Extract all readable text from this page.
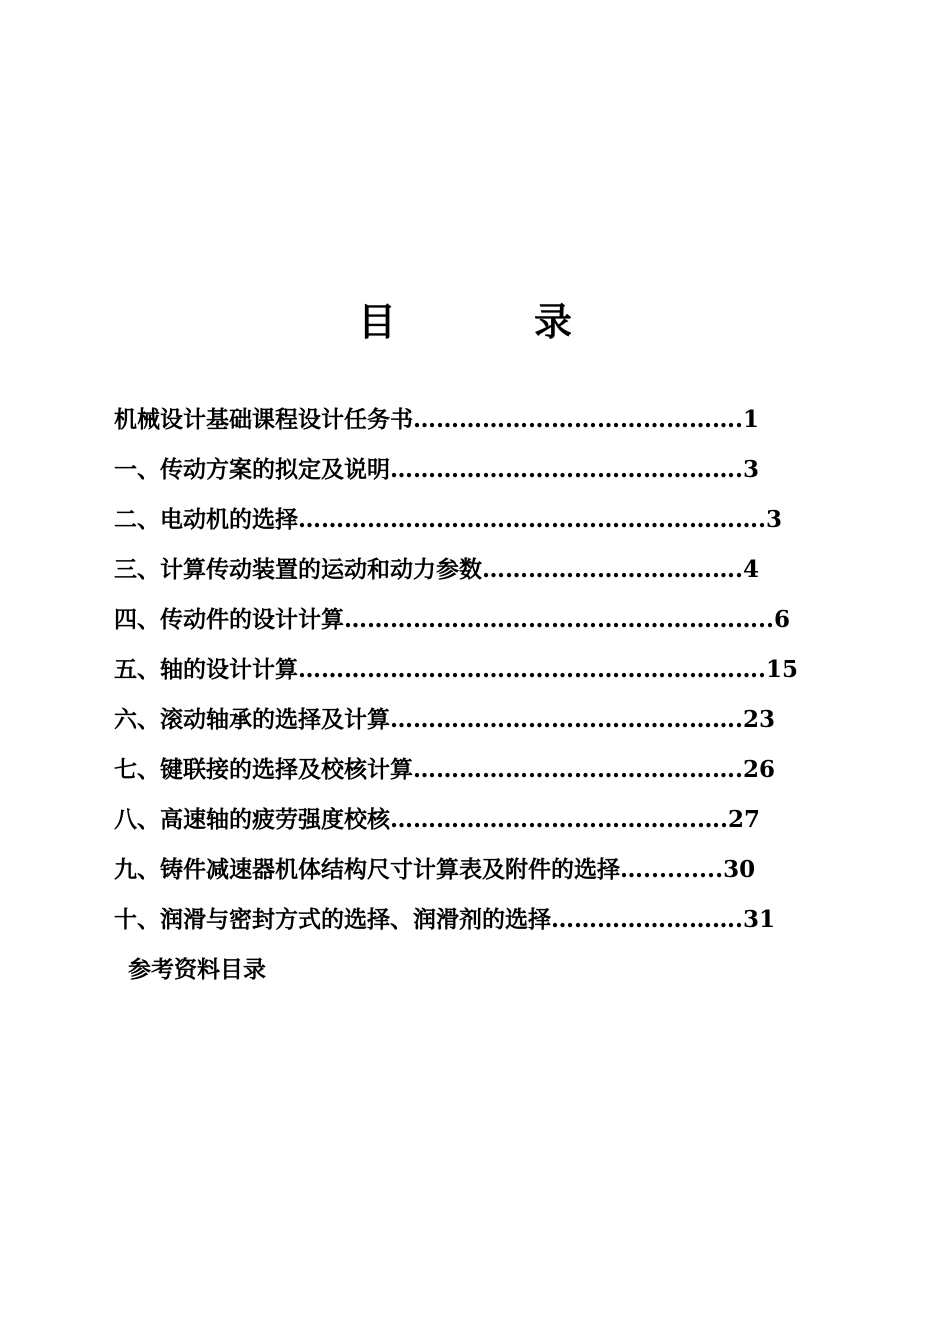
目　录
机械设计基础课程设计任务书…………………………………….1
一、传动方案的拟定及说明……………………………………….3
二、电动机的选择…………………………………………………….3
三、计算传动装置的运动和动力参数…………………………….4
四、传动件的设计计算………………………………………………..6
五、轴的设计计算…………………………………………………….15
六、滚动轴承的选择及计算……………………………………….23
七、键联接的选择及校核计算…………………………………….26
八、高速轴的疲劳强度校核………………………………….….27
九、铸件减速器机体结构尺寸计算表及附件的选择…..........30
十、润滑与密封方式的选择、润滑剂的选择…………………….31
参考资料目录
